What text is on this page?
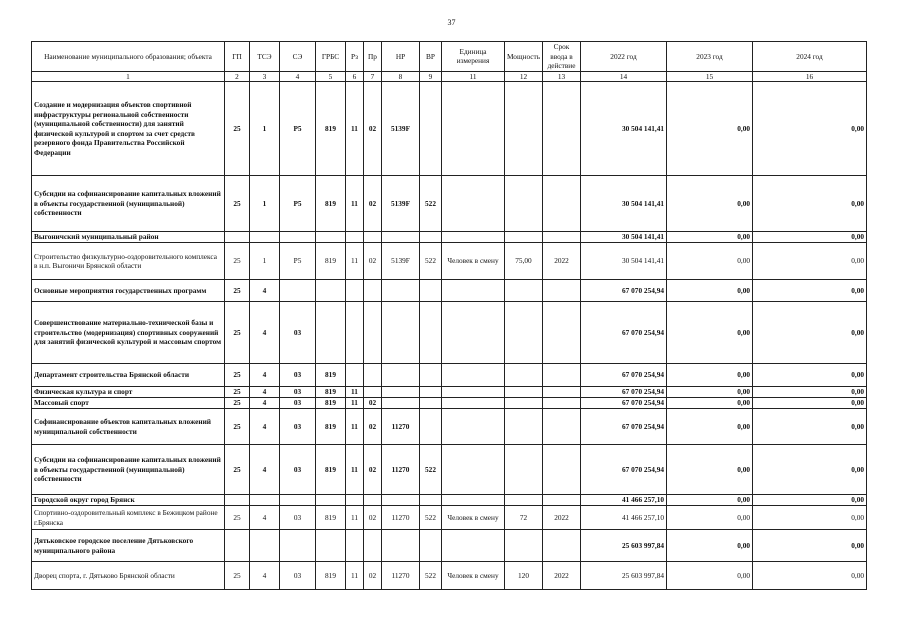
37
Наименование муниципального образования; объекта	ГП	ТСЭ	СЭ	ГРБС	Рз	Пр	НР	ВР	Единица измерения	Мощность	Срок ввода в действие	2022 год	2023 год	2024 год
1	2	3	4	5	6	7	8	9	11	12	13	14	15	16
Создание и модернизация объектов спортивной инфраструктуры региональной собственности (муниципальной собственности) для занятий физической культурой и спортом за счет средств резервного фонда Правительства Российской Федерации	25	1	P5	819	11	02	5139F					30 504 141,41	0,00	0,00
Субсидии на софинансирование капитальных вложений в объекты государственной (муниципальной) собственности	25	1	P5	819	11	02	5139F	522				30 504 141,41	0,00	0,00
Выгоничский муниципальный район												30 504 141,41	0,00	0,00
Строительство физкультурно-оздоровительного комплекса в н.п. Выгоничи Брянской области	25	1	P5	819	11	02	5139F	522	Человек в смену	75,00	2022	30 504 141,41	0,00	0,00
Основные мероприятия государственных программ	25	4										67 070 254,94	0,00	0,00
Совершенствование материально-технической базы и строительство (модернизация) спортивных сооружений для занятий физической культурой и массовым спортом	25	4	03									67 070 254,94	0,00	0,00
Департамент строительства Брянской области	25	4	03	819								67 070 254,94	0,00	0,00
Физическая культура и спорт	25	4	03	819	11							67 070 254,94	0,00	0,00
Массовый спорт	25	4	03	819	11	02						67 070 254,94	0,00	0,00
Софинансирование объектов капитальных вложений муниципальной собственности	25	4	03	819	11	02	11270					67 070 254,94	0,00	0,00
Субсидии на софинансирование капитальных вложений в объекты государственной (муниципальной) собственности	25	4	03	819	11	02	11270	522				67 070 254,94	0,00	0,00
Городской округ город Брянск												41 466 257,10	0,00	0,00
Спортивно-оздоровительный комплекс в Бежицком районе г.Брянска	25	4	03	819	11	02	11270	522	Человек в смену	72	2022	41 466 257,10	0,00	0,00
Дятьковское городское поселение Дятьковского муниципального района												25 603 997,84	0,00	0,00
Дворец спорта, г. Дятьково Брянской области	25	4	03	819	11	02	11270	522	Человек в смену	120	2022	25 603 997,84	0,00	0,00
